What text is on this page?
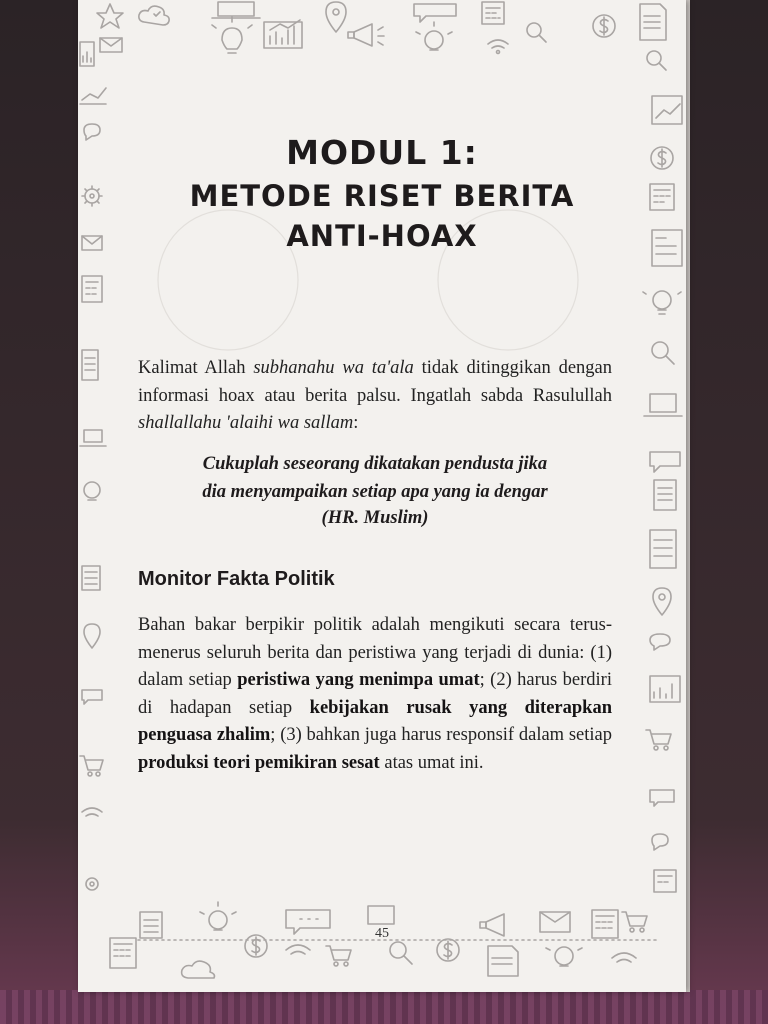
MODUL 1:
METODE RISET BERITA
ANTI-HOAX
Kalimat Allah subhanahu wa ta'ala tidak ditinggikan dengan informasi hoax atau berita palsu. Ingatlah sabda Rasulullah shallallahu 'alaihi wa sallam:
Cukuplah seseorang dikatakan pendusta jika
dia menyampaikan setiap apa yang ia dengar
(HR. Muslim)
Monitor Fakta Politik
Bahan bakar berpikir politik adalah mengikuti secara terus-menerus seluruh berita dan peristiwa yang terjadi di dunia: (1) dalam setiap peristiwa yang menimpa umat; (2) harus berdiri di hadapan setiap kebijakan rusak yang diterapkan penguasa zhalim; (3) bahkan juga harus responsif dalam setiap produksi teori pemikiran sesat atas umat ini.
45
